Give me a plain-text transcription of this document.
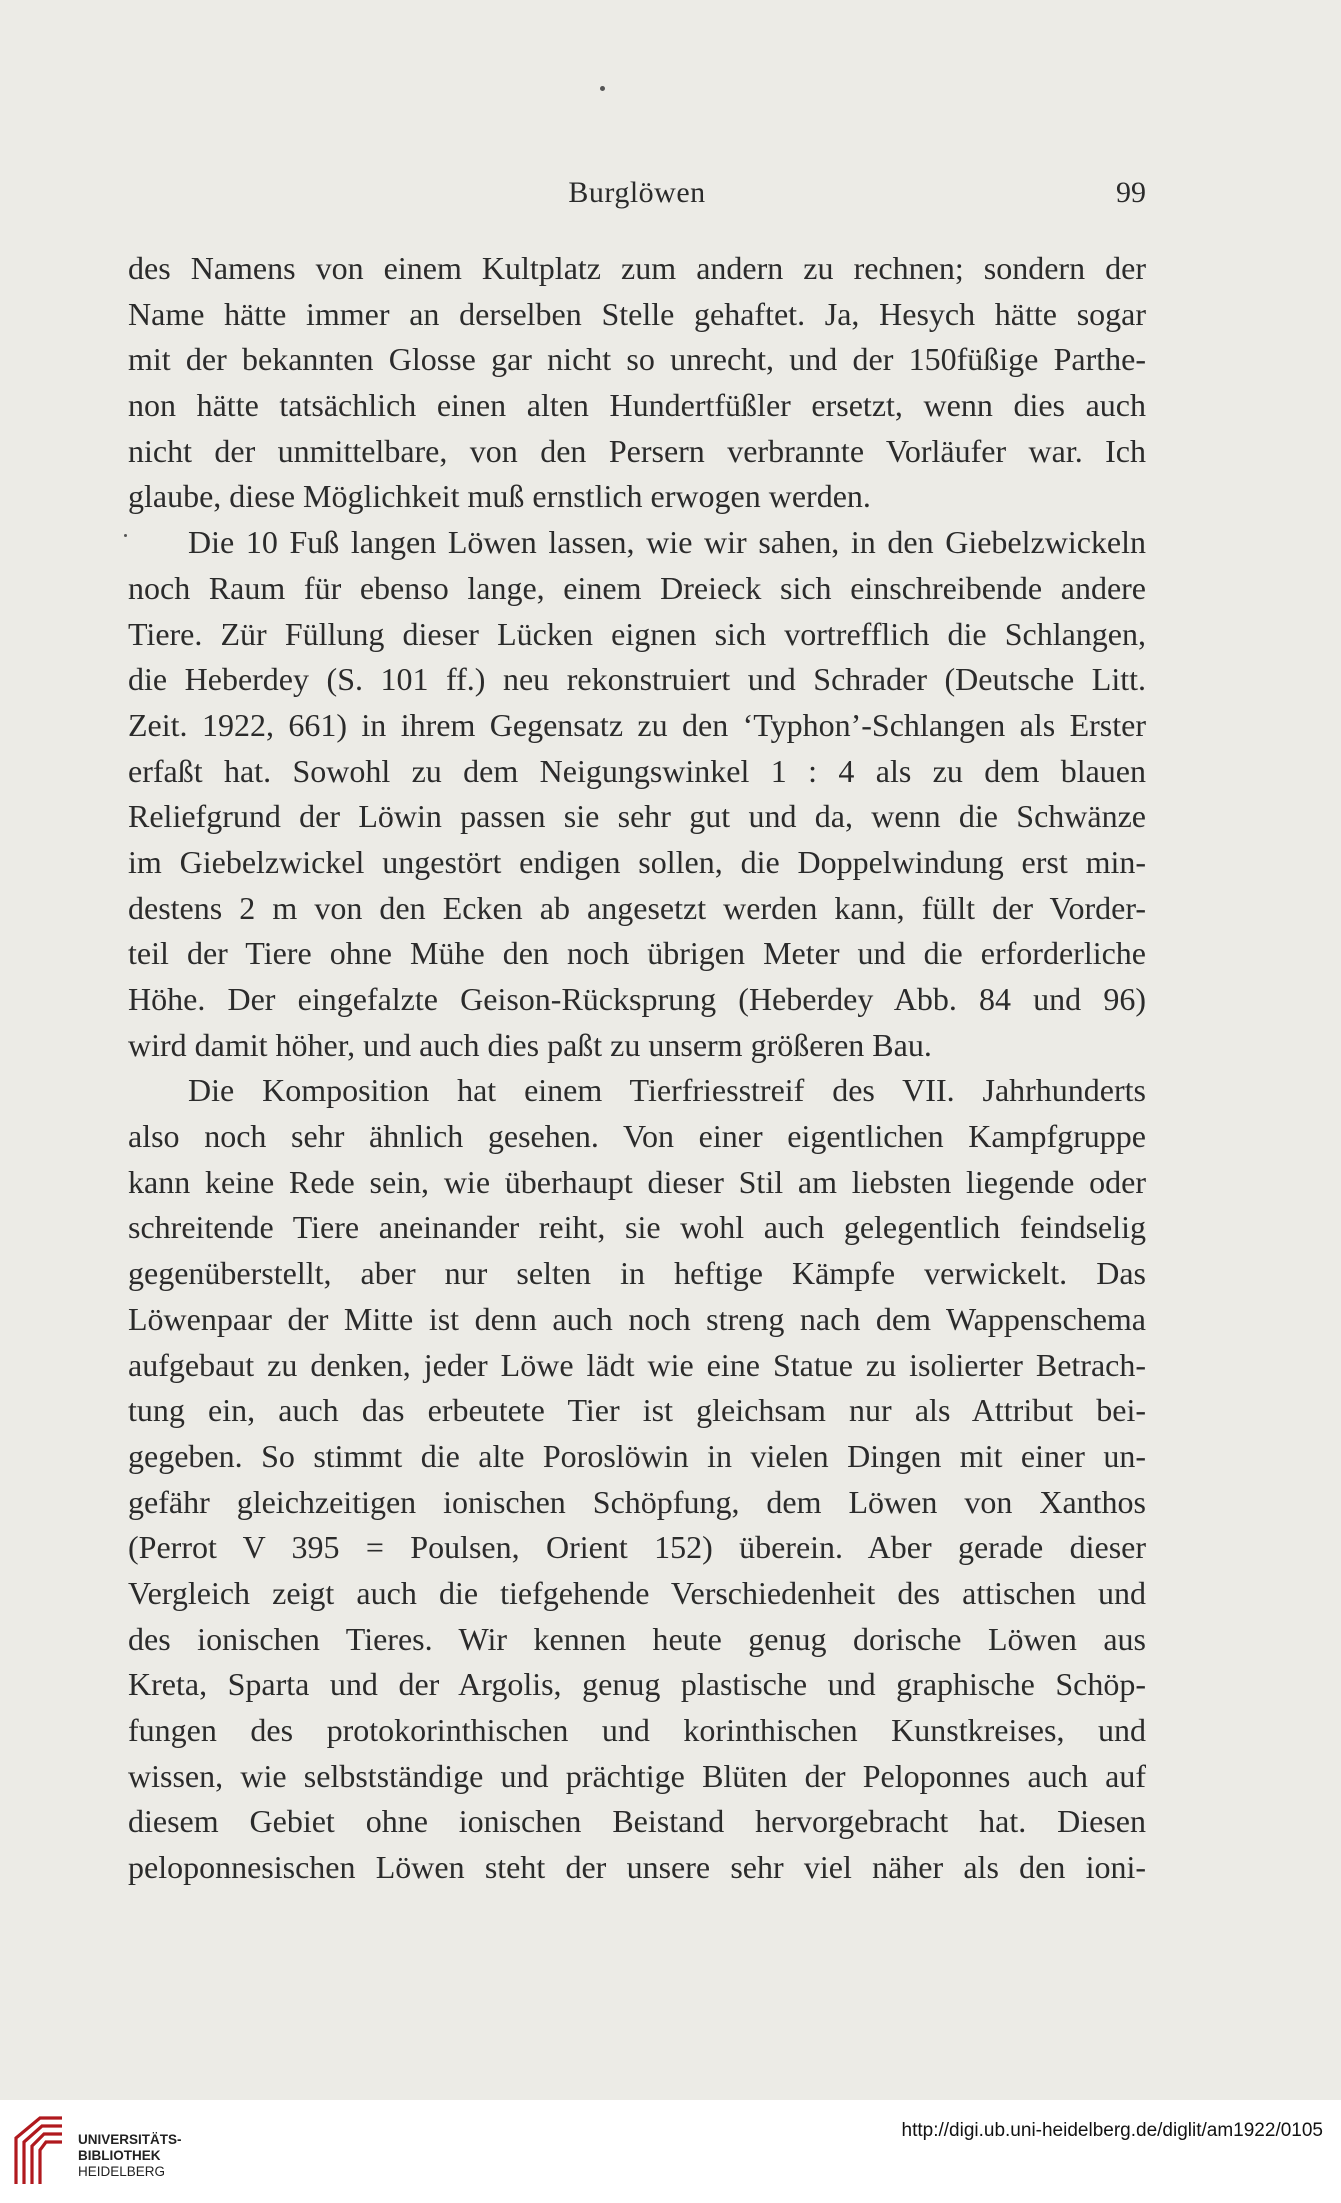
Burglöwen	99
des Namens von einem Kultplatz zum andern zu rechnen; sondern der
Name hätte immer an derselben Stelle gehaftet. Ja, Hesych hätte sogar
mit der bekannten Glosse gar nicht so unrecht, und der 150füßige Parthe-
non hätte tatsächlich einen alten Hundertfüßler ersetzt, wenn dies auch
nicht der unmittelbare, von den Persern verbrannte Vorläufer war. Ich
glaube, diese Möglichkeit muß ernstlich erwogen werden.
Die 10 Fuß langen Löwen lassen, wie wir sahen, in den Giebelzwickeln
noch Raum für ebenso lange, einem Dreieck sich einschreibende andere
Tiere. Zür Füllung dieser Lücken eignen sich vortrefflich die Schlangen,
die Heberdey (S. 101 ff.) neu rekonstruiert und Schrader (Deutsche Litt.
Zeit. 1922, 661) in ihrem Gegensatz zu den ‘Typhon’-Schlangen als Erster
erfaßt hat. Sowohl zu dem Neigungswinkel 1 : 4 als zu dem blauen
Reliefgrund der Löwin passen sie sehr gut und da, wenn die Schwänze
im Giebelzwickel ungestört endigen sollen, die Doppelwindung erst min-
destens 2 m von den Ecken ab angesetzt werden kann, füllt der Vorder-
teil der Tiere ohne Mühe den noch übrigen Meter und die erforderliche
Höhe. Der eingefalzte Geison-Rücksprung (Heberdey Abb. 84 und 96)
wird damit höher, und auch dies paßt zu unserm größeren Bau.
Die Komposition hat einem Tierfriesstreif des VII. Jahrhunderts
also noch sehr ähnlich gesehen. Von einer eigentlichen Kampfgruppe
kann keine Rede sein, wie überhaupt dieser Stil am liebsten liegende oder
schreitende Tiere aneinander reiht, sie wohl auch gelegentlich feindselig
gegenüberstellt, aber nur selten in heftige Kämpfe verwickelt. Das
Löwenpaar der Mitte ist denn auch noch streng nach dem Wappenschema
aufgebaut zu denken, jeder Löwe lädt wie eine Statue zu isolierter Betrach-
tung ein, auch das erbeutete Tier ist gleichsam nur als Attribut bei-
gegeben. So stimmt die alte Poroslöwin in vielen Dingen mit einer un-
gefähr gleichzeitigen ionischen Schöpfung, dem Löwen von Xanthos
(Perrot V 395 = Poulsen, Orient 152) überein. Aber gerade dieser
Vergleich zeigt auch die tiefgehende Verschiedenheit des attischen und
des ionischen Tieres. Wir kennen heute genug dorische Löwen aus
Kreta, Sparta und der Argolis, genug plastische und graphische Schöp-
fungen des protokorinthischen und korinthischen Kunstkreises, und
wissen, wie selbstständige und prächtige Blüten der Peloponnes auch auf
diesem Gebiet ohne ionischen Beistand hervorgebracht hat. Diesen
peloponnesischen Löwen steht der unsere sehr viel näher als den ioni-
UNIVERSITÄTS-
BIBLIOTHEK
HEIDELBERG
http://digi.ub.uni-heidelberg.de/diglit/am1922/0105
